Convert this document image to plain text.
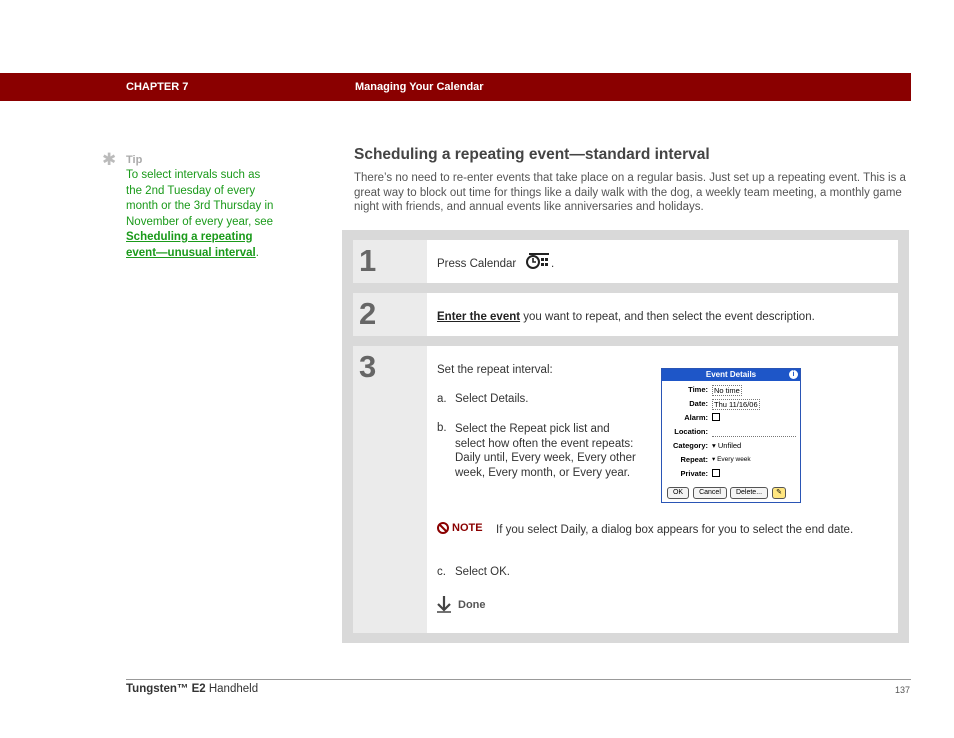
CHAPTER 7	Managing Your Calendar
✱ Tip
To select intervals such as the 2nd Tuesday of every month or the 3rd Thursday in November of every year, see Scheduling a repeating event—unusual interval.
Scheduling a repeating event—standard interval
There’s no need to re-enter events that take place on a regular basis. Just set up a repeating event. This is a great way to block out time for things like a daily walk with the dog, a weekly team meeting, a monthly game night with friends, and annual events like anniversaries and holidays.
1	Press Calendar	.
2	Enter the event you want to repeat, and then select the event description.
3	Set the repeat interval:
a. Select Details.
b. Select the Repeat pick list and select how often the event repeats: Daily until, Every week, Every other week, Every month, or Every year.
Event Details	i
Time: No time
Date: Thu 11/16/06
Alarm:
Location:
Category: ▾ Unfiled
Repeat: ▾ Every week
Private:
OK	Cancel	Delete...	✎
NOTE	If you select Daily, a dialog box appears for you to select the end date.
c. Select OK.
Done
Tungsten™ E2 Handheld	137
